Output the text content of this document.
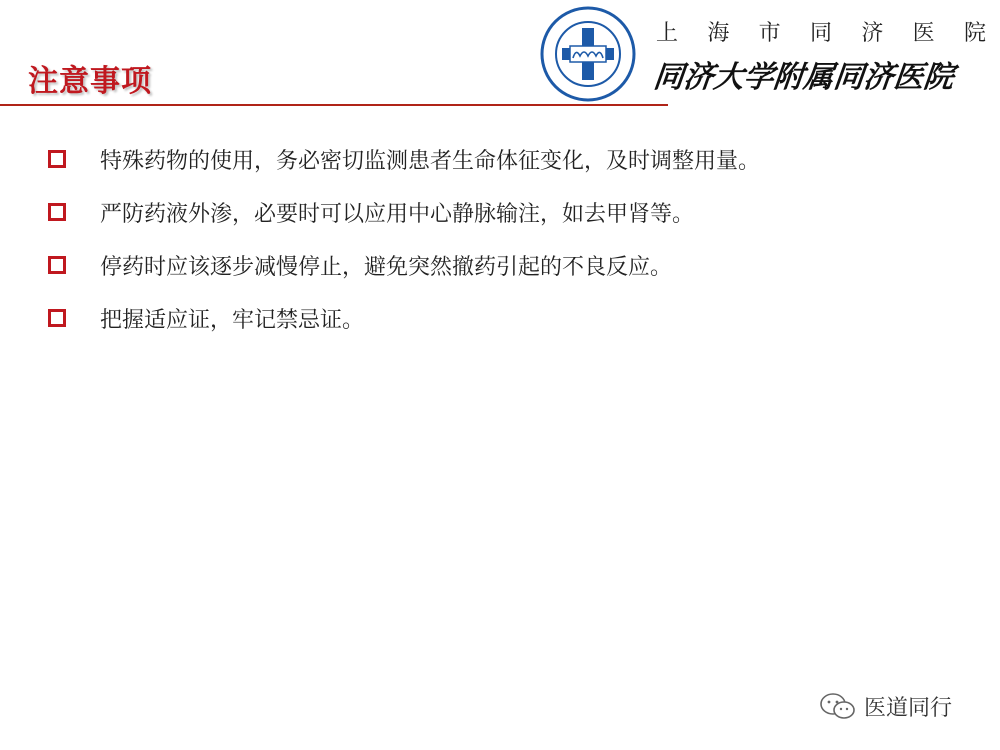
注意事项
上 海 市 同 济 医 院
同济大学附属同济医院
特殊药物的使用，务必密切监测患者生命体征变化，及时调整用量。
严防药液外渗，必要时可以应用中心静脉输注，如去甲肾等。
停药时应该逐步减慢停止，避免突然撤药引起的不良反应。
把握适应证，牢记禁忌证。
医道同行
